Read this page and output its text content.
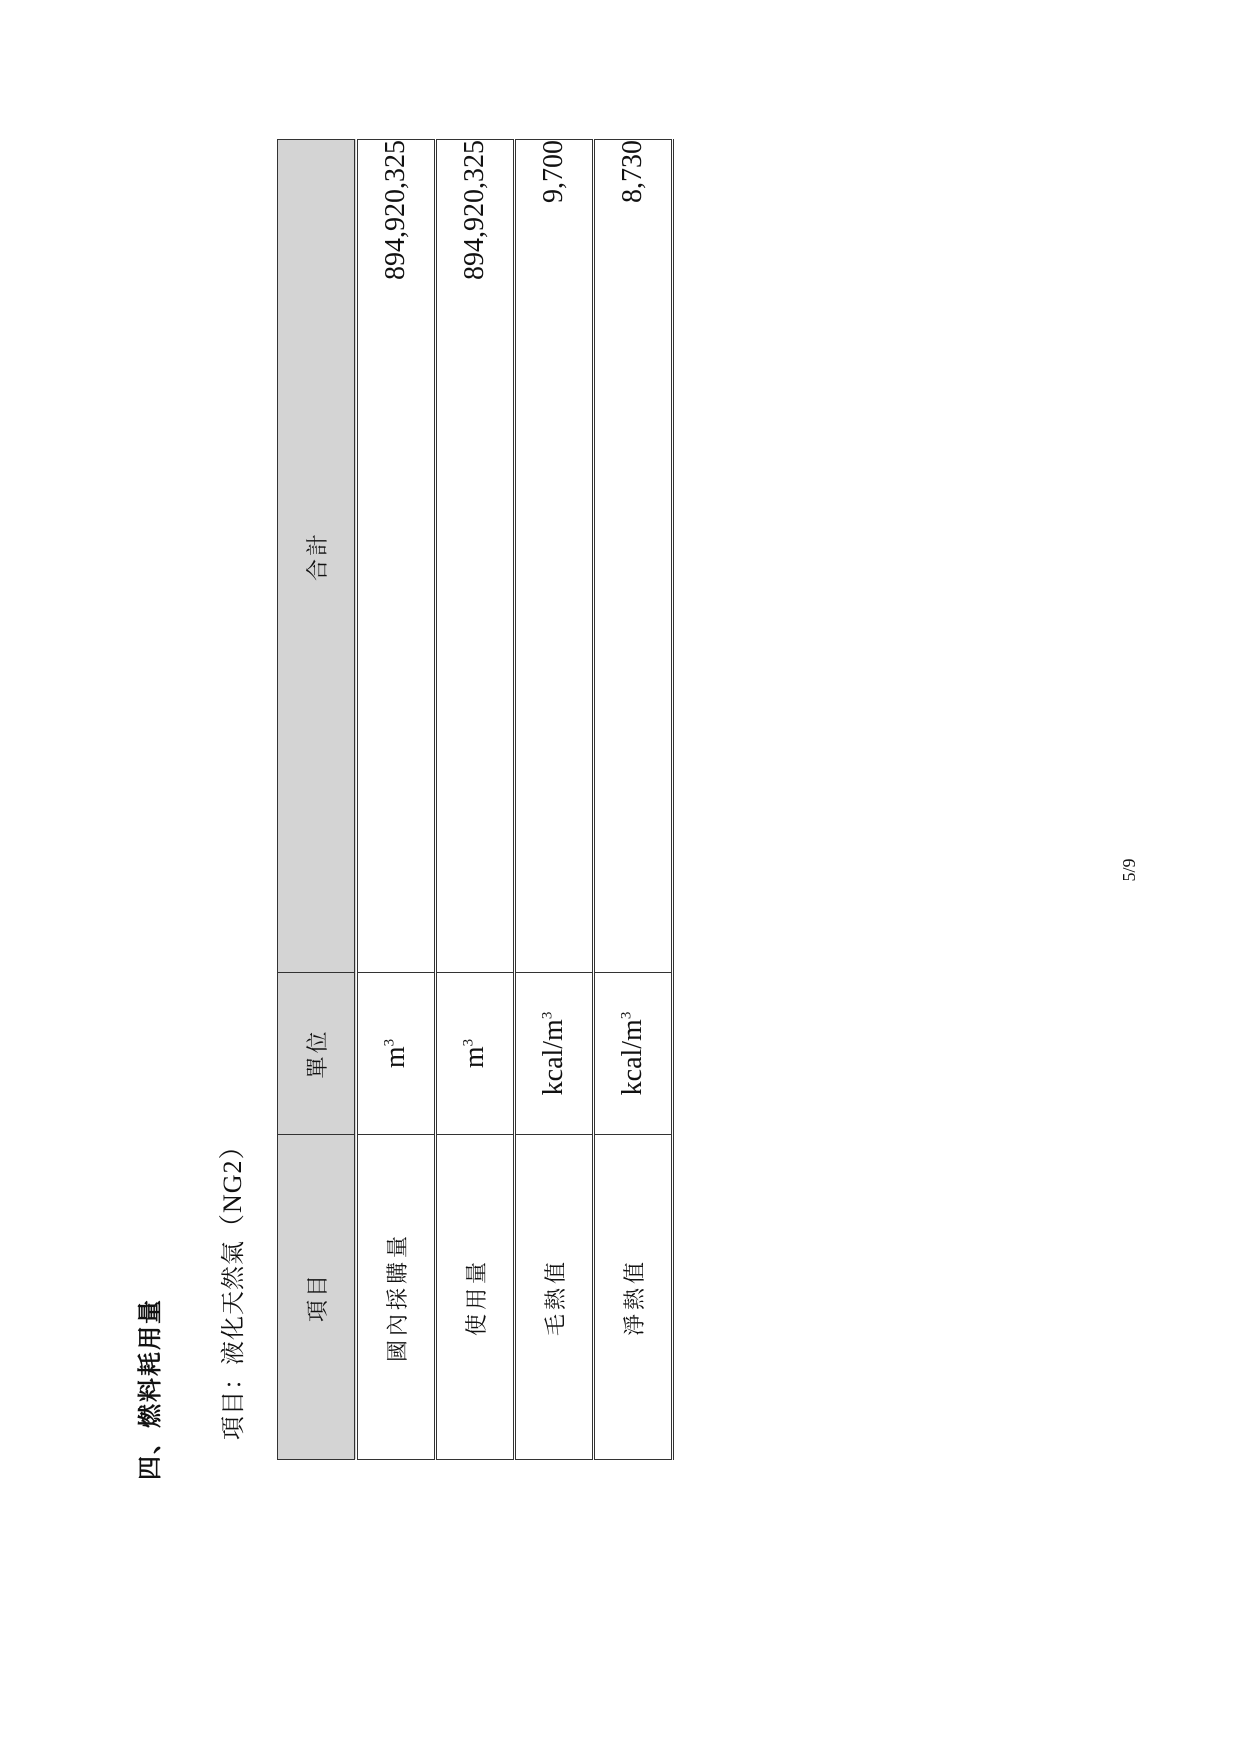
四、燃料耗用量 項目：液化天然氣（NG2）
項目	單位	合計
國內採購量	$m^3$	894,920,325
使用量	$m^3$	894,920,325
毛熱值	kcal/$m^3$	9,700
淨熱值	kcal/$m^3$	8,730
5/9
